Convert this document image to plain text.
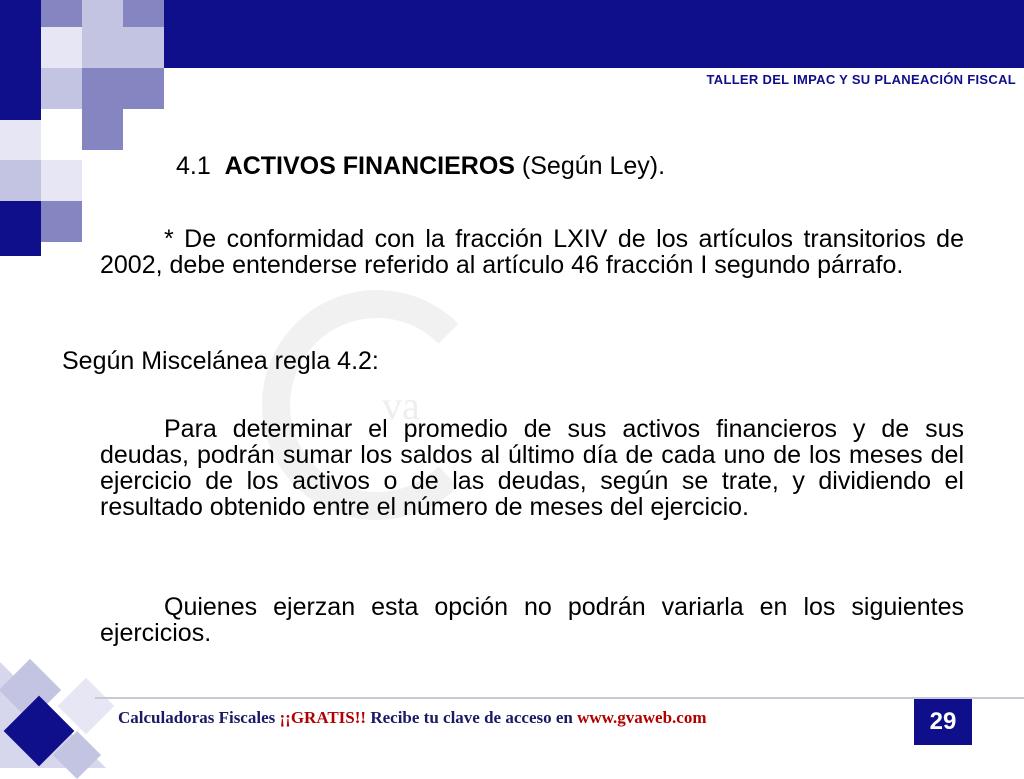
TALLER DEL IMPAC Y SU PLANEACIÓN FISCAL
va
4.1 ACTIVOS FINANCIEROS (Según Ley).
* De conformidad con la fracción LXIV de los artículos transitorios de 2002, debe entenderse referido al artículo 46 fracción I segundo párrafo.
Según Miscelánea regla 4.2:
Para determinar el promedio de sus activos financieros y de sus deudas, podrán sumar los saldos al último día de cada uno de los meses del ejercicio de los activos o de las deudas, según se trate, y dividiendo el resultado obtenido entre el número de meses del ejercicio.
Quienes ejerzan esta opción no podrán variarla en los siguientes ejercicios.
Calculadoras Fiscales ¡¡GRATIS!! Recibe tu clave de acceso en www.gvaweb.com	29
